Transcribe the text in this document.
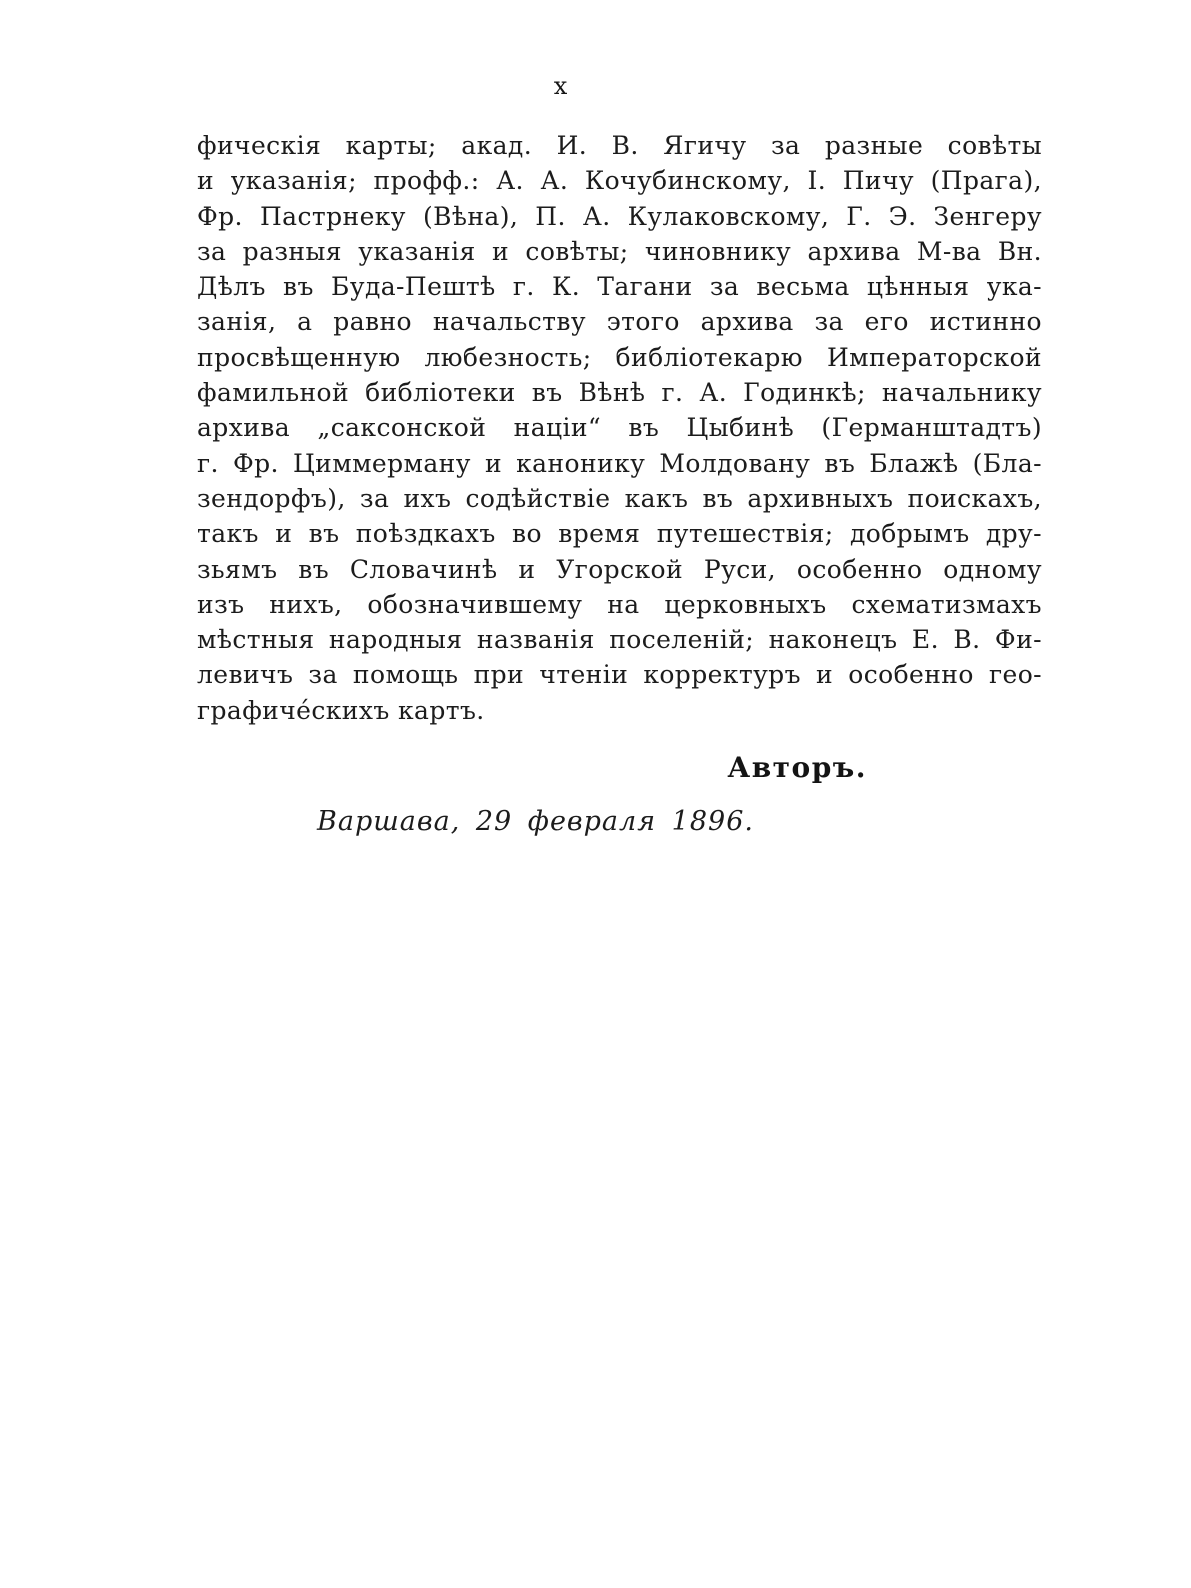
x
фическія карты; акад. И. В. Ягичу за разные совѣты
и указанія; профф.: А. А. Кочубинскому, І. Пичу (Прага),
Фр. Пастрнеку (Вѣна), П. А. Кулаковскому, Г. Э. Зенгеру
за разныя указанія и совѣты; чиновнику архива М-ва Вн.
Дѣлъ въ Буда-Пештѣ г. К. Тагани за весьма цѣнныя ука-
занія, а равно начальству этого архива за его истинно
просвѣщенную любезность; библіотекарю Императорской
фамильной библіотеки въ Вѣнѣ г. А. Годинкѣ; начальнику
архива „саксонской націи“ въ Цыбинѣ (Германштадтъ)
г. Фр. Циммерману и канонику Молдовану въ Блажѣ (Бла-
зендорфъ), за ихъ содѣйствіе какъ въ архивныхъ поискахъ,
такъ и въ поѣздкахъ во время путешествія; добрымъ дру-
зьямъ въ Словачинѣ и Угорской Руси, особенно одному
изъ нихъ, обозначившему на церковныхъ схематизмахъ
мѣстныя народныя названія поселеній; наконецъ Е. В. Фи-
левичъ за помощь при чтеніи корректуръ и особенно гео-
графиче́скихъ картъ.
Авторъ.
Варшава, 29 февраля 1896.
